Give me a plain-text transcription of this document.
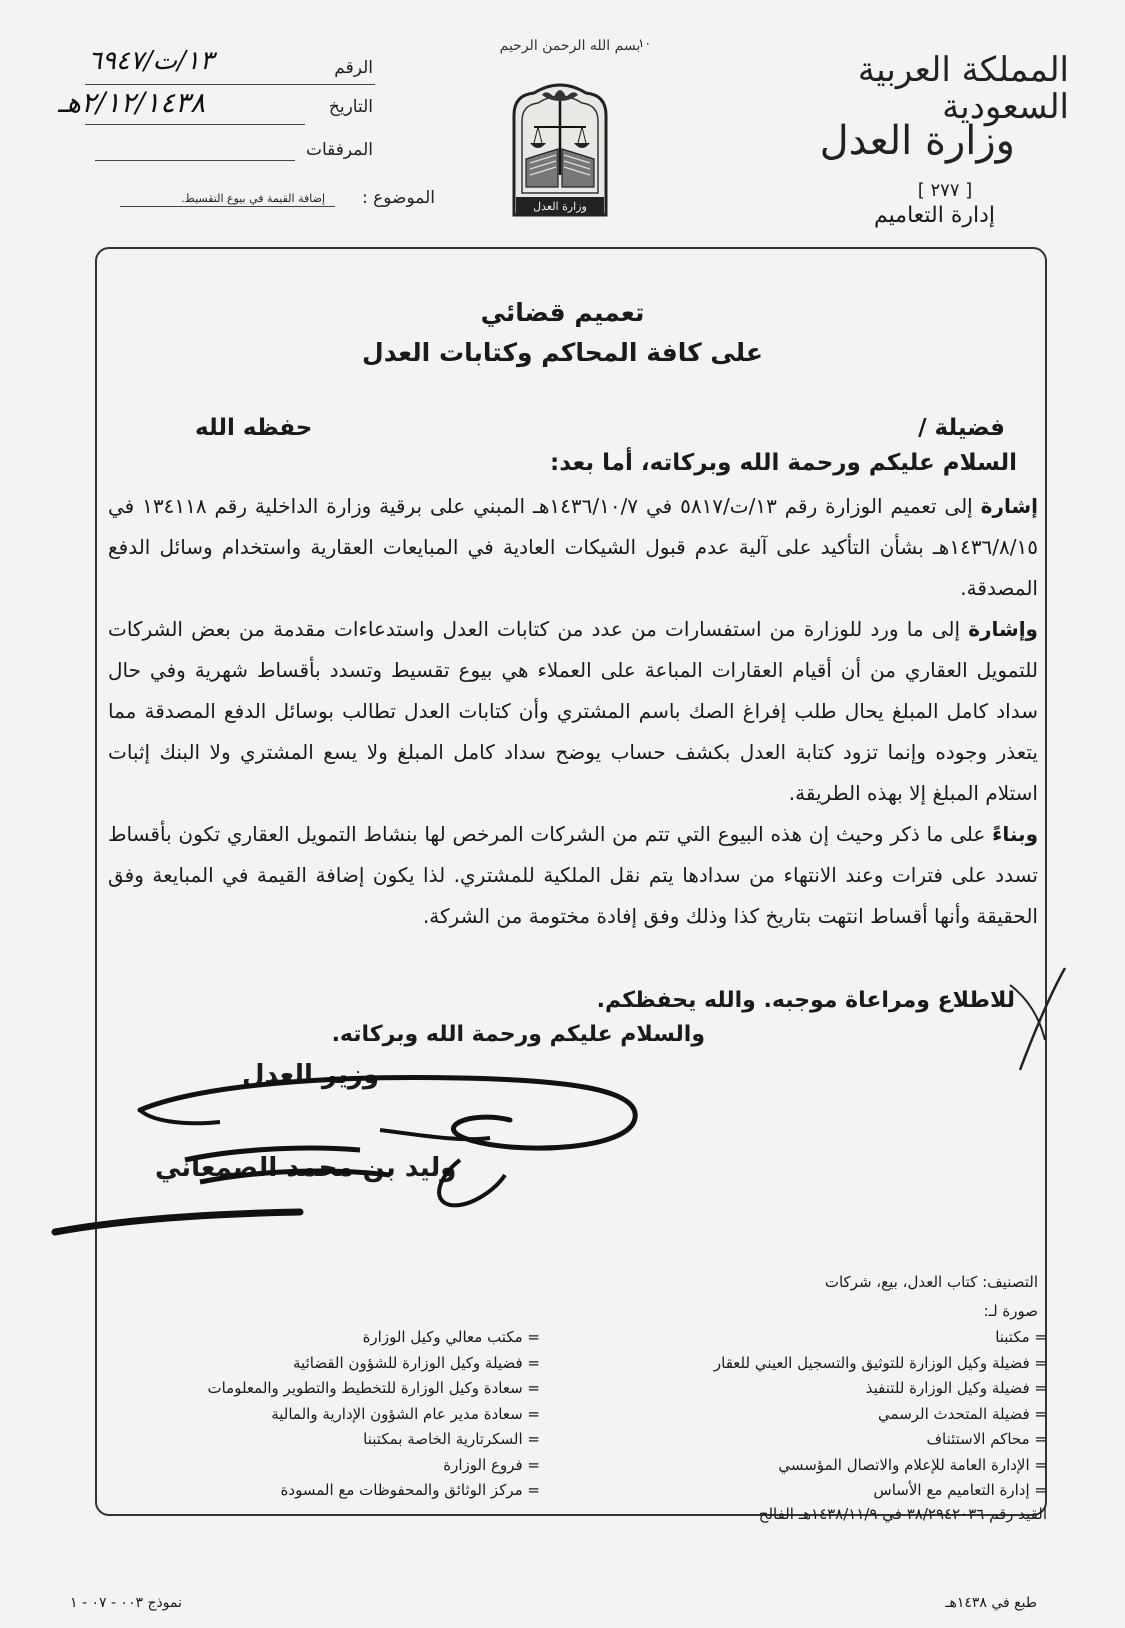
المملكة العربية السعودية
وزارة العدل
[ ٢٧٧ ]
إدارة التعاميم
بسم الله الرحمن الرحيم
١٠
وزارة العدل
الرقم
١٣/ت/٦٩٤٧
التاريخ
٢/١٢/١٤٣٨هـ
المرفقات
الموضوع :
إضافة القيمة في بيوع التقسيط.
تعميم قضائي
على كافة المحاكم وكتابات العدل
فضيلة /
حفظه الله
السلام عليكم ورحمة الله وبركاته، أما بعد:

إشارة إلى تعميم الوزارة رقم ١٣/ت/٥٨١٧ في ١٤٣٦/١٠/٧هـ المبني على برقية وزارة الداخلية رقم ١٣٤١١٨ في ١٤٣٦/٨/١٥هـ بشأن التأكيد على آلية عدم قبول الشيكات العادية في المبايعات العقارية واستخدام وسائل الدفع المصدقة.

وإشارة إلى ما ورد للوزارة من استفسارات من عدد من كتابات العدل واستدعاءات مقدمة من بعض الشركات للتمويل العقاري من أن أقيام العقارات المباعة على العملاء هي بيوع تقسيط وتسدد بأقساط شهرية وفي حال سداد كامل المبلغ يحال طلب إفراغ الصك باسم المشتري وأن كتابات العدل تطالب بوسائل الدفع المصدقة مما يتعذر وجوده وإنما تزود كتابة العدل بكشف حساب يوضح سداد كامل المبلغ ولا يسع المشتري ولا البنك إثبات استلام المبلغ إلا بهذه الطريقة.

وبناءً على ما ذكر وحيث إن هذه البيوع التي تتم من الشركات المرخص لها بنشاط التمويل العقاري تكون بأقساط تسدد على فترات وعند الانتهاء من سدادها يتم نقل الملكية للمشتري. لذا يكون إضافة القيمة في المبايعة وفق الحقيقة وأنها أقساط انتهت بتاريخ كذا وذلك وفق إفادة مختومة من الشركة.

للاطلاع ومراعاة موجبه. والله يحفظكم.
والسلام عليكم ورحمة الله وبركاته.
وزير العدل
وليد بن محمد الصمعاني
التصنيف: كتاب العدل، بيع، شركات
صورة لـ:
= مكتبنا
= فضيلة وكيل الوزارة للتوثيق والتسجيل العيني للعقار
= فضيلة وكيل الوزارة للتنفيذ
= فضيلة المتحدث الرسمي
= محاكم الاستئناف
= الإدارة العامة للإعلام والاتصال المؤسسي
= إدارة التعاميم مع الأساس
= مكتب معالي وكيل الوزارة
= فضيلة وكيل الوزارة للشؤون القضائية
= سعادة وكيل الوزارة للتخطيط والتطوير والمعلومات
= سعادة مدير عام الشؤون الإدارية والمالية
= السكرتارية الخاصة بمكتبنا
= فروع الوزارة
= مركز الوثائق والمحفوظات مع المسودة
القيد رقم ٣٨/٢٩٤٢٠٣٦ في ١٤٣٨/١١/٩هـ الفالح
نموذج ٠٠٣ - ٠٧ - ١	طبع في ١٤٣٨هـ
